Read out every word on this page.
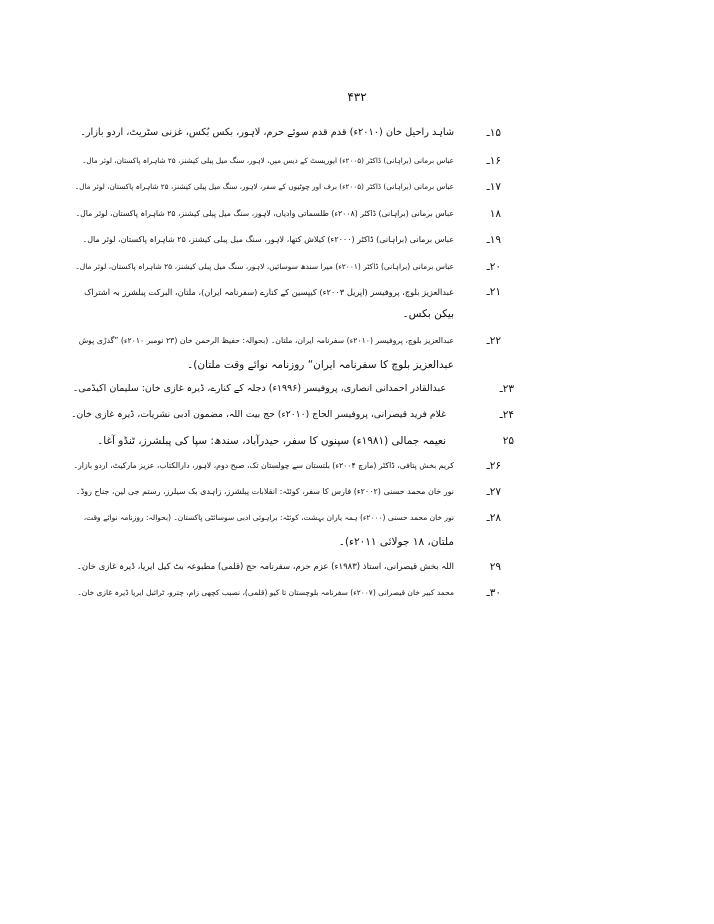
۴۳۲
۱۵ـ
شاہد راحیل خان (۲۰۱۰ء) قدم قدم سوئے حرم، لاہور، بکس بُکس، غزنی سٹریٹ، اردو بازار۔
۱۶ـ
عباس برمانی (براہانی) ڈاکٹر (۲۰۰۵ء) ایوریسٹ کے دیس میں، لاہور، سنگ میل پبلی کیشنز، ۲۵ شاہراہ پاکستان، لوئر مال۔
۱۷ـ
عباس برمانی (براہانی) ڈاکٹر (۲۰۰۵ء) برف اور چوٹیوں کے سفر، لاہور، سنگ میل پبلی کیشنز، ۲۵ شاہراہ پاکستان، لوئر مال۔
۱۸
عباس برمانی (براہانی) ڈاکٹر (۲۰۰۸ء) طلسماتی وادیاں، لاہور، سنگ میل پبلی کیشنز، ۲۵ شاہراہ پاکستان، لوئر مال۔
۱۹ـ
عباس برمانی (براہانی) ڈاکٹر (۲۰۰۰ء) کیلاش کتھا، لاہور، سنگ میل پبلی کیشنز، ۲۵ شاہراہ پاکستان، لوئر مال۔
۲۰ـ
عباس برمانی (براہانی) ڈاکٹر (۲۰۰۱ء) میرا سندھ سوسائیں، لاہور، سنگ میل پبلی کیشنز، ۲۵ شاہراہ پاکستان، لوئر مال۔
۲۱ـ
عبدالعزیز بلوچ، پروفیسر (اپریل ۲۰۰۳ء) کیپسین کے کنارے (سفرنامہ ایران)، ملتان، البرکت پبلشرز بہ اشتراک
بیکن بکس۔
۲۲ـ
عبدالعزیز بلوچ، پروفیسر (۲۰۱۰ء) سفرنامہ ایران، ملتان۔ (بحوالہ: حفیظ الرحمن خان (۲۳ نومبر ۲۰۱۰ء) ”گدڑی پوش
عبدالعزیز بلوچ کا سفرنامہ ایران“ روزنامہ نوائے وقت ملتان)۔
۲۳ـ
عبدالقادر احمدانی انصاری، پروفیسر (۱۹۹۶ء) دجلہ کے کنارے، ڈیرہ غازی خان: سلیمان اکیڈمی۔
۲۴ـ
غلام فرید قیصرانی، پروفیسر الحاج (۲۰۱۰ء) حج بیت اللہ، مضمون ادبی نشریات، ڈیرہ غازی خان۔
۲۵
نعیمہ جمالی (۱۹۸۱ء) سپنوں کا سفر، حیدرآباد، سندھ: سپا کی پبلشرز، ٹنڈو آغا۔
۲۶ـ
کریم بخش پتافی، ڈاکٹر (مارچ ۲۰۰۴ء) بلتستان سے چولستان تک، صبح دوم، لاہور، دارالکتاب، عزیز مارکیٹ، اردو بازار۔
۲۷ـ
نور خان محمد حسنی (۲۰۰۲ء) فارس کا سفر، کوئٹہ: انقلابات پبلشرز، زاہدی بک سیلرز، رستم جی لین، جناح روڈ۔
۲۸ـ
نور خان محمد حسنی (۲۰۰۰ء) ہمہ یاران بہشت، کوئٹہ: براہوئی ادبی سوسائٹی پاکستان۔ (بحوالہ: روزنامہ نوائے وقت،
ملتان، ۱۸ جولائی ۲۰۱۱ء)۔
۲۹
اللہ بخش قیصرانی، استاذ (۱۹۸۳ء) عزم حرم، سفرنامہ حج (قلمی) مطبوعہ بٹ کیل ایریا، ڈیرہ غازی خان۔
۳۰ـ
محمد کبیر خان قیصرانی (۲۰۰۷ء) سفرنامہ بلوچستان تا کیو (قلمی)، نصیب کچھی زام، چترو، ٹرائبل ایریا ڈیرہ غازی خان۔
